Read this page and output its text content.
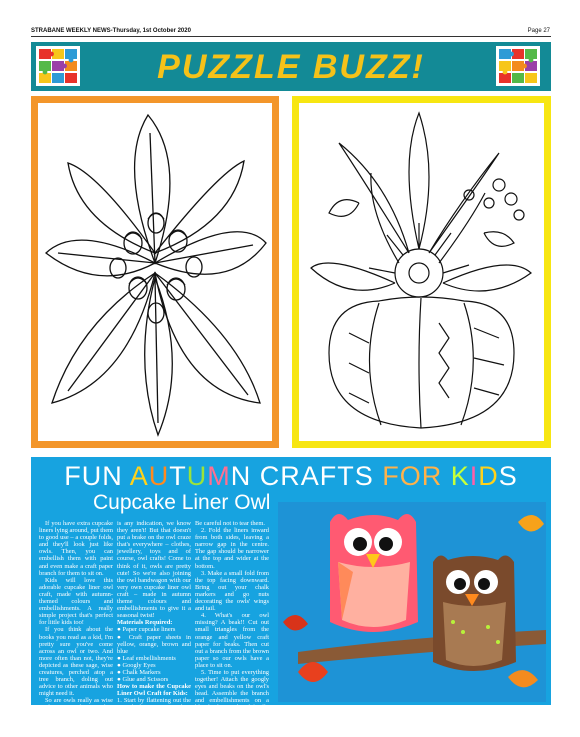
STRABANE WEEKLY NEWS-Thursday, 1st October 2020	Page 27
PUZZLE BUZZ!
FUN AUTUMN CRAFTS FOR KIDS
Cupcake Liner Owl

If you have extra cupcake liners lying around, put them to good use – a couple folds, and they'll look just like owls. Then, you can embellish them with paint and even make a craft paper branch for them to sit on.

Kids will love this adorable cupcake liner owl craft, made with autumn-themed colours and embellishments. A really simple project that's perfect for little kids too!

If you think about the books you read as a kid, I'm pretty sure you've come across an owl or two. And more often than not, they're depicted as these sage, wise creatures, perched atop a tree branch, doling out advice to other animals who might need it.

So are owls really as wise as they are made out to be? Well, if the owl in Winnie the Pooh

is any indication, we know they aren't! But that doesn't put a brake on the owl craze that's everywhere – clothes, jewellery, toys and of course, owl crafts! Come to think of it, owls are pretty cute! So we're also joining the owl bandwagon with our very own cupcake liner owl craft – made in autumn theme colours and embellishments to give it a seasonal twist!

Materials Required:

● Paper cupcake liners

● Craft paper sheets in yellow, orange, brown and blue

● Leaf embellishments

● Googly Eyes

● Chalk Markers

● Glue and Scissors

How to make the Cupcake Liner Owl Craft for Kids:

1. Start by flattening out the cupcake liners to get circles.

Be careful not to tear them.

2. Fold the liners inward from both sides, leaving a narrow gap in the centre. The gap should be narrower at the top and wider at the bottom.

3. Make a small fold from the top facing downward. Bring out your chalk markers and go nuts decorating the owls' wings and tail.

4. What's our owl missing? A beak!! Cut out small triangles from the orange and yellow craft paper for beaks. Then cut out a branch from the brown paper so our owls have a place to sit on.

5. Time to put everything together! Attach the googly eyes and beaks on the owl's head. Assemble the branch and embellishments on a blue background and finally fix our owls on the branch. All set!
